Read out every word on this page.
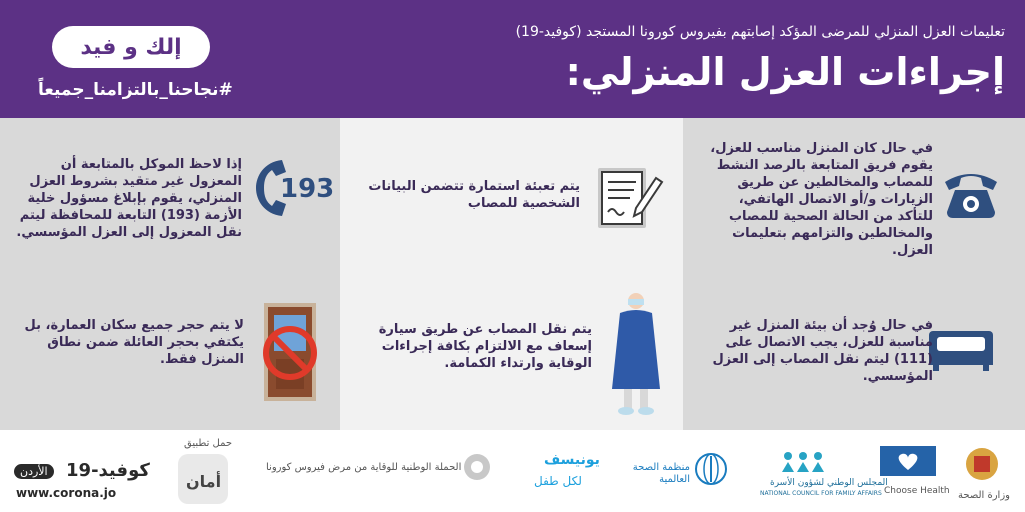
تعليمات العزل المنزلي للمرضى المؤكد إصابتهم بفيروس كورونا المستجد (كوفيد-19)
إجراءات العزل المنزلي:
إلك و فيد
#نجاحنا_بالتزامنا_جميعاً
193
إذا لاحظ الموكل بالمتابعة أن المعزول غير متقيد بشروط العزل المنزلي، يقوم بإبلاغ مسؤول خلية الأزمة (193) التابعة للمحافظة ليتم نقل المعزول إلى العزل المؤسسي.
يتم تعبئة استمارة تتضمن البيانات الشخصية للمصاب
في حال كان المنزل مناسب للعزل، يقوم فريق المتابعة بالرصد النشط للمصاب والمخالطين عن طريق الزيارات و/أو الاتصال الهاتفي، للتأكد من الحالة الصحية للمصاب والمخالطين والتزامهم بتعليمات العزل.
لا يتم حجر جميع سكان العمارة، بل يكتفي بحجر العائلة ضمن نطاق المنزل فقط.
يتم نقل المصاب عن طريق سيارة إسعاف مع الالتزام بكافة إجراءات الوقاية وارتداء الكمامة.
في حال وُجد أن بيئة المنزل غير مناسبة للعزل، يجب الاتصال على (111) ليتم نقل المصاب إلى العزل المؤسسي.
وزارة الصحة
Choose Health
المجلس الوطني لشؤون الأسرة
NATIONAL COUNCIL FOR FAMILY AFFAIRS
منظمة الصحة العالمية
يونيسف
لكل طفل
الحملة الوطنية للوقاية من مرض فيروس كورونا
حمل تطبيق
أمان
كوفيد-19
الأردن
www.corona.jo
